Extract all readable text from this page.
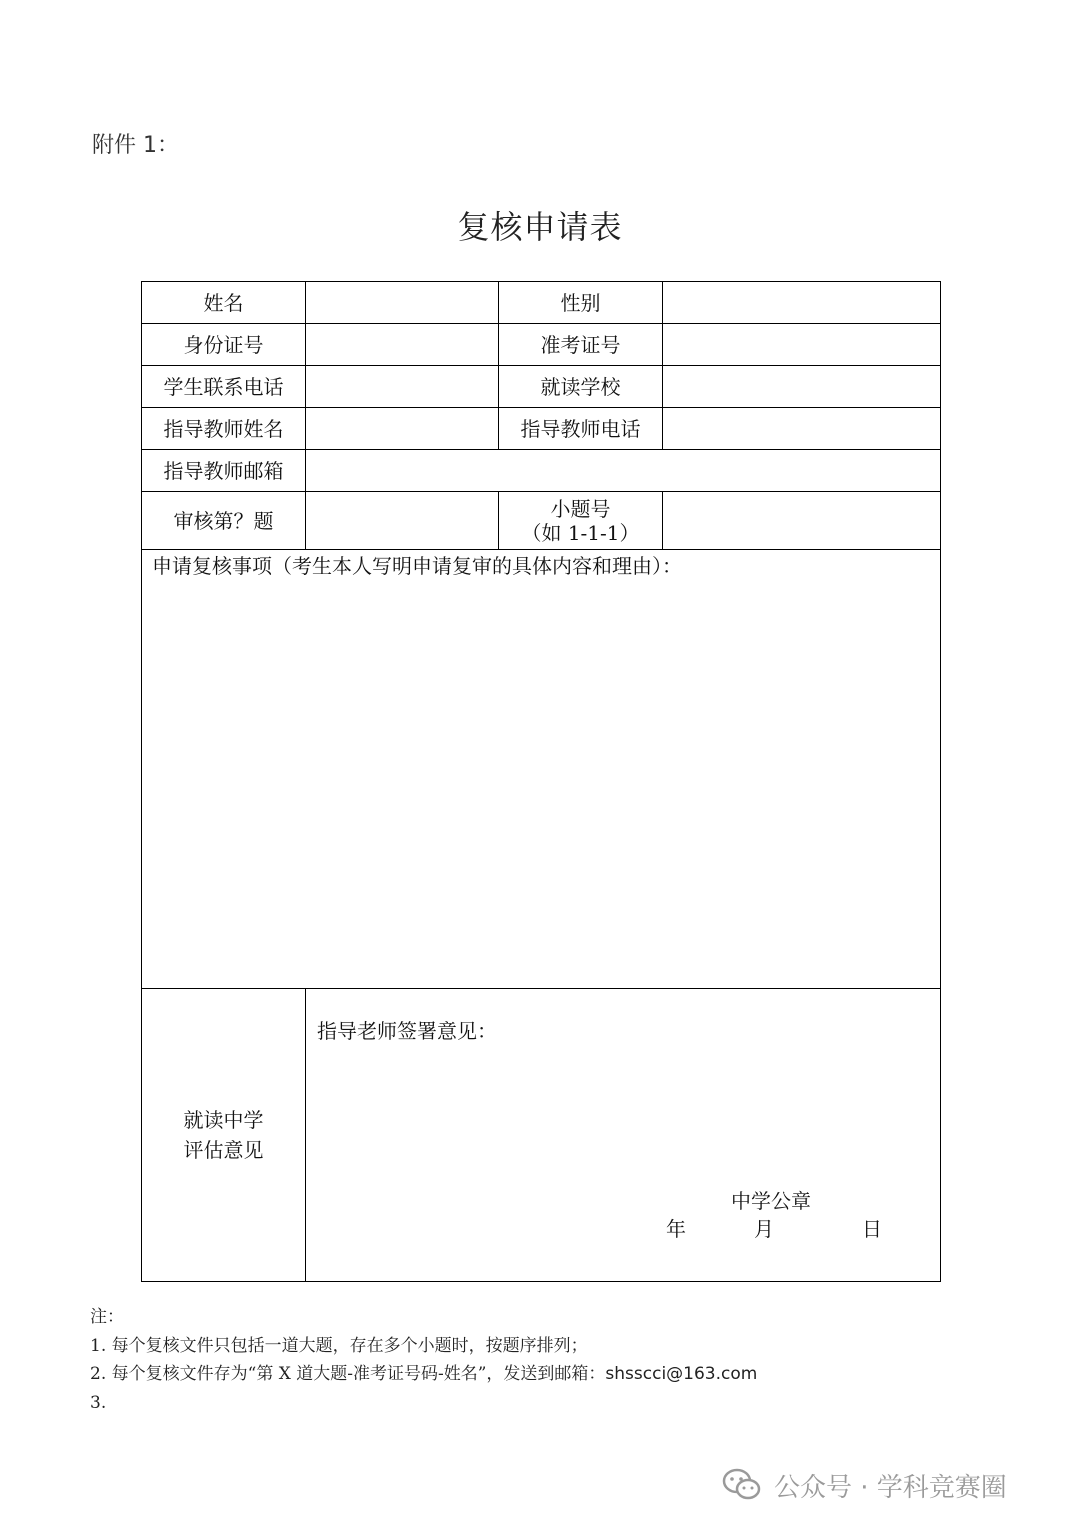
附件 1：
复核申请表
姓名		性别	
身份证号		准考证号	
学生联系电话		就读学校	
指导教师姓名		指导教师电话	
指导教师邮箱			
审核第？题		小题号
（如 1-1-1）	

申请复核事项（考生本人写明申请复审的具体内容和理由）：			
就读中学
评估意见	指导老师签署意见：
中学公章
年 月 日		
注：
1. 每个复核文件只包括一道大题，存在多个小题时，按题序排列；
2. 每个复核文件存为“第 X 道大题-准考证号码-姓名”，发送到邮箱：shsscci@163.com
3.
公众号 · 学科竞赛圈
